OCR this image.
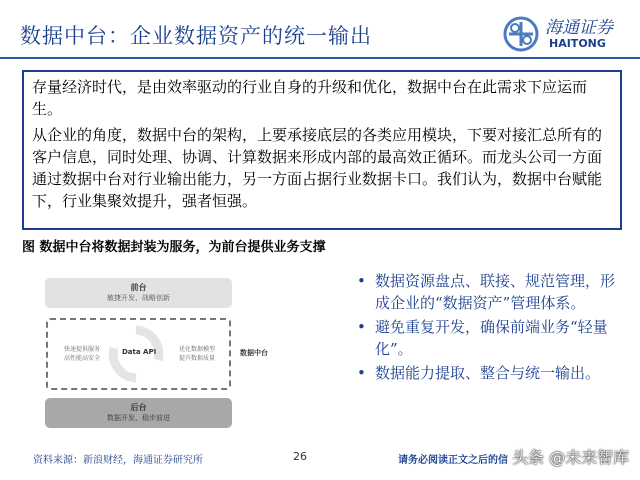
数据中台：企业数据资产的统一输出	海通证券
HAITONG

存量经济时代，是由效率驱动的行业自身的升级和优化，数据中台在此需求下应运而生。

从企业的角度，数据中台的架构，上要承接底层的各类应用模块，下要对接汇总所有的客户信息，同时处理、协调、计算数据来形成内部的最高效正循环。而龙头公司一方面通过数据中台对行业输出能力，另一方面占据行业数据卡口。我们认为，数据中台赋能下，行业集聚效提升，强者恒强。

图 数据中台将数据封装为服务，为前台提供业务支撑
前台
敏捷开发、战略创新
快速提供服务
高性能高安全
Data API	优化数据模型
提升数据质量
数据中台
后台
数据开发、稳步前进
• 数据资源盘点、联接、规范管理，形成企业的“数据资产”管理体系。
• 避免重复开发，确保前端业务“轻量化”。
• 数据能力提取、整合与统一输出。
资料来源：新浪财经，海通证券研究所	26	请务必阅读正文之后的信 头条 @未来智库
